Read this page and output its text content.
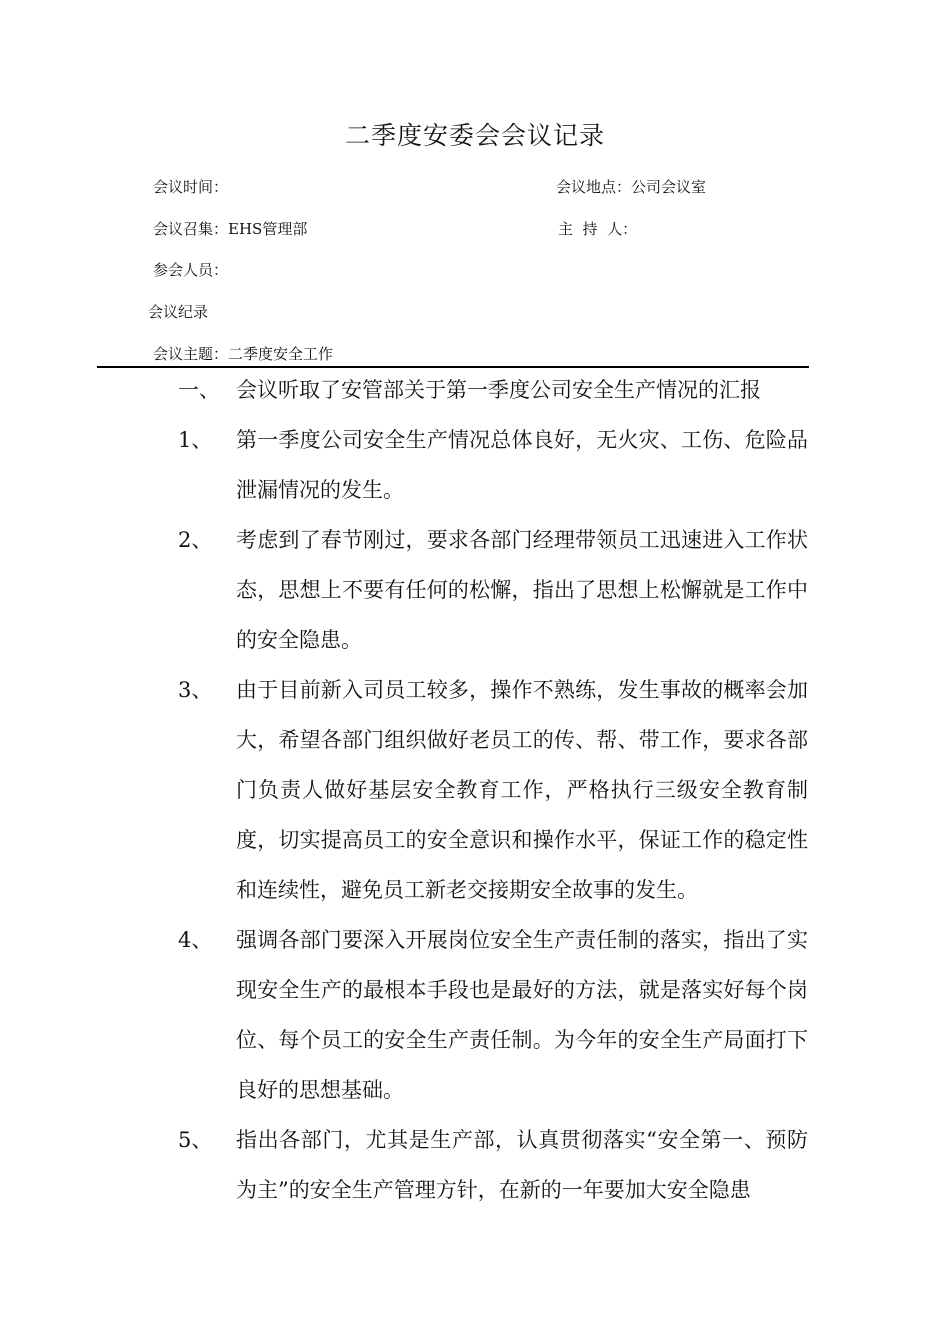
二季度安委会会议记录
会议时间：	会议地点：公司会议室
会议召集：EHS管理部	主  持  人：
参会人员：
会议纪录
会议主题：二季度安全工作
一、 会议听取了安管部关于第一季度公司安全生产情况的汇报
1、 第一季度公司安全生产情况总体良好，无火灾、工伤、危险品泄漏情况的发生。
2、 考虑到了春节刚过，要求各部门经理带领员工迅速进入工作状态，思想上不要有任何的松懈，指出了思想上松懈就是工作中的安全隐患。
3、 由于目前新入司员工较多，操作不熟练，发生事故的概率会加大，希望各部门组织做好老员工的传、帮、带工作，要求各部门负责人做好基层安全教育工作，严格执行三级安全教育制度，切实提高员工的安全意识和操作水平，保证工作的稳定性和连续性，避免员工新老交接期安全故事的发生。
4、 强调各部门要深入开展岗位安全生产责任制的落实，指出了实现安全生产的最根本手段也是最好的方法，就是落实好每个岗位、每个员工的安全生产责任制。为今年的安全生产局面打下良好的思想基础。
5、 指出各部门，尤其是生产部，认真贯彻落实“安全第一、预防为主”的安全生产管理方针，在新的一年要加大安全隐患
